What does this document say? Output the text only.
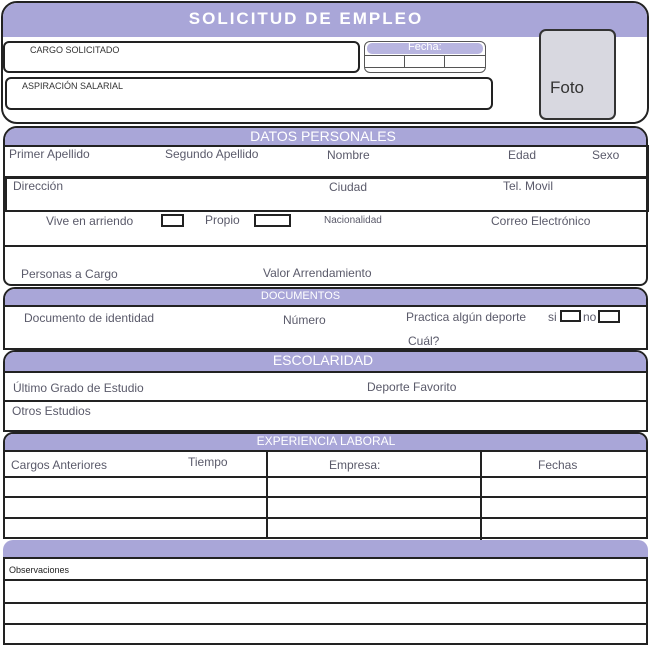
SOLICITUD DE EMPLEO
CARGO SOLICITADO	Fecha:
ASPIRACIÓN SALARIAL	Foto
DATOS PERSONALES
Primer Apellido	Segundo Apellido	Nombre	Edad	Sexo
Dirección	Ciudad	Tel. Movil
Vive en arriendo	Propio	Nacionalidad	Correo Electrónico
Personas a Cargo	Valor Arrendamiento
DOCUMENTOS
Documento de identidad	Número	Practica algún deporte si no
Cuál?
ESCOLARIDAD
Último Grado de Estudio	Deporte Favorito
Otros Estudios
EXPERIENCIA LABORAL
Cargos Anteriores	Tiempo	Empresa:	Fechas
Observaciones
